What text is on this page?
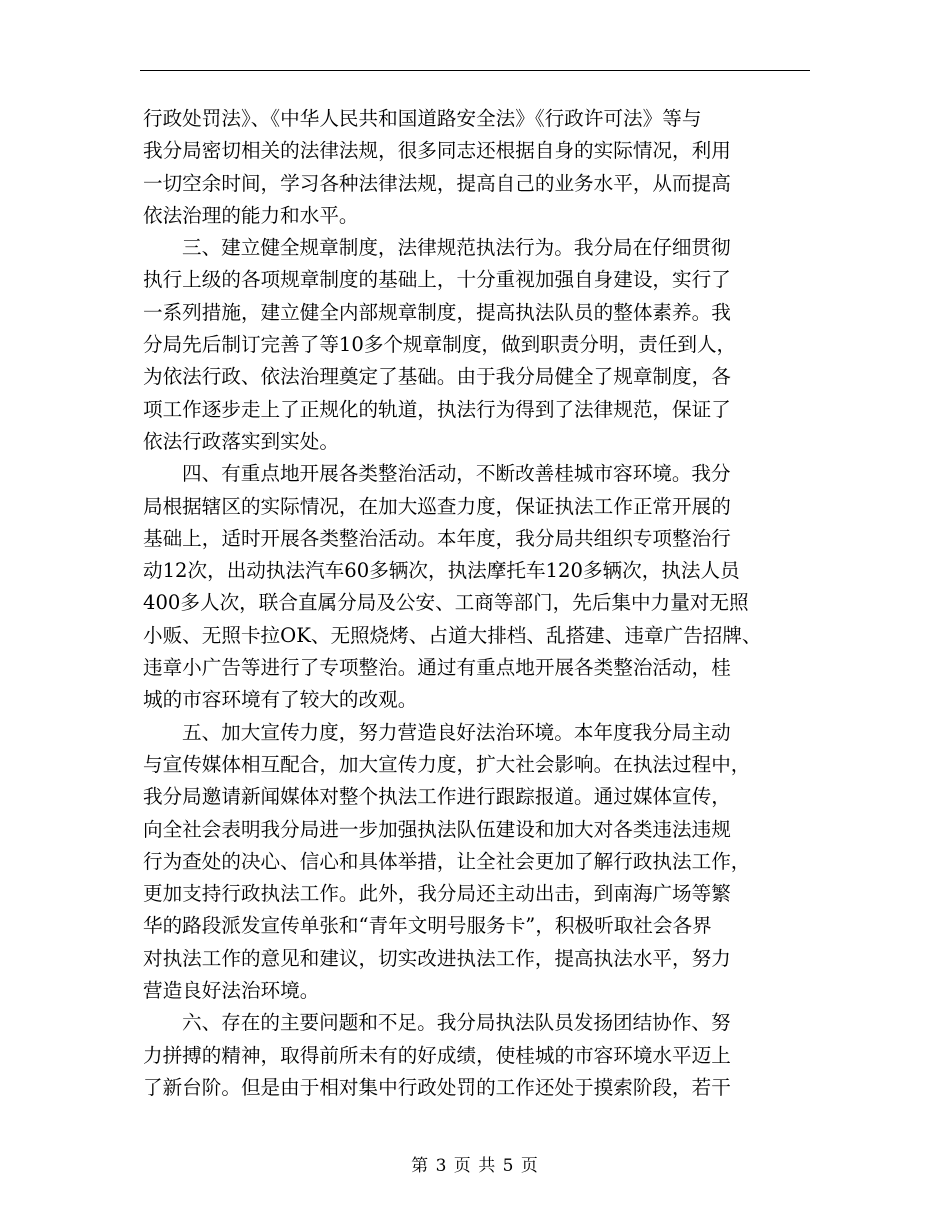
行政处罚法》、《中华人民共和国道路安全法》《行政许可法》等与
我分局密切相关的法律法规，很多同志还根据自身的实际情况，利用
一切空余时间，学习各种法律法规，提高自己的业务水平，从而提高
依法治理的能力和水平。
三、建立健全规章制度，法律规范执法行为。我分局在仔细贯彻
执行上级的各项规章制度的基础上，十分重视加强自身建设，实行了
一系列措施，建立健全内部规章制度，提高执法队员的整体素养。我
分局先后制订完善了等10多个规章制度，做到职责分明，责任到人，
为依法行政、依法治理奠定了基础。由于我分局健全了规章制度，各
项工作逐步走上了正规化的轨道，执法行为得到了法律规范，保证了
依法行政落实到实处。
四、有重点地开展各类整治活动，不断改善桂城市容环境。我分
局根据辖区的实际情况，在加大巡查力度，保证执法工作正常开展的
基础上，适时开展各类整治活动。本年度，我分局共组织专项整治行
动12次，出动执法汽车60多辆次，执法摩托车120多辆次，执法人员
400多人次，联合直属分局及公安、工商等部门，先后集中力量对无照
小贩、无照卡拉OK、无照烧烤、占道大排档、乱搭建、违章广告招牌、
违章小广告等进行了专项整治。通过有重点地开展各类整治活动，桂
城的市容环境有了较大的改观。
五、加大宣传力度，努力营造良好法治环境。本年度我分局主动
与宣传媒体相互配合，加大宣传力度，扩大社会影响。在执法过程中，
我分局邀请新闻媒体对整个执法工作进行跟踪报道。通过媒体宣传，
向全社会表明我分局进一步加强执法队伍建设和加大对各类违法违规
行为查处的决心、信心和具体举措，让全社会更加了解行政执法工作，
更加支持行政执法工作。此外，我分局还主动出击，到南海广场等繁
华的路段派发宣传单张和“青年文明号服务卡”，积极听取社会各界
对执法工作的意见和建议，切实改进执法工作，提高执法水平，努力
营造良好法治环境。
六、存在的主要问题和不足。我分局执法队员发扬团结协作、努
力拼搏的精神，取得前所未有的好成绩，使桂城的市容环境水平迈上
了新台阶。但是由于相对集中行政处罚的工作还处于摸索阶段，若干
第 3 页 共 5 页
